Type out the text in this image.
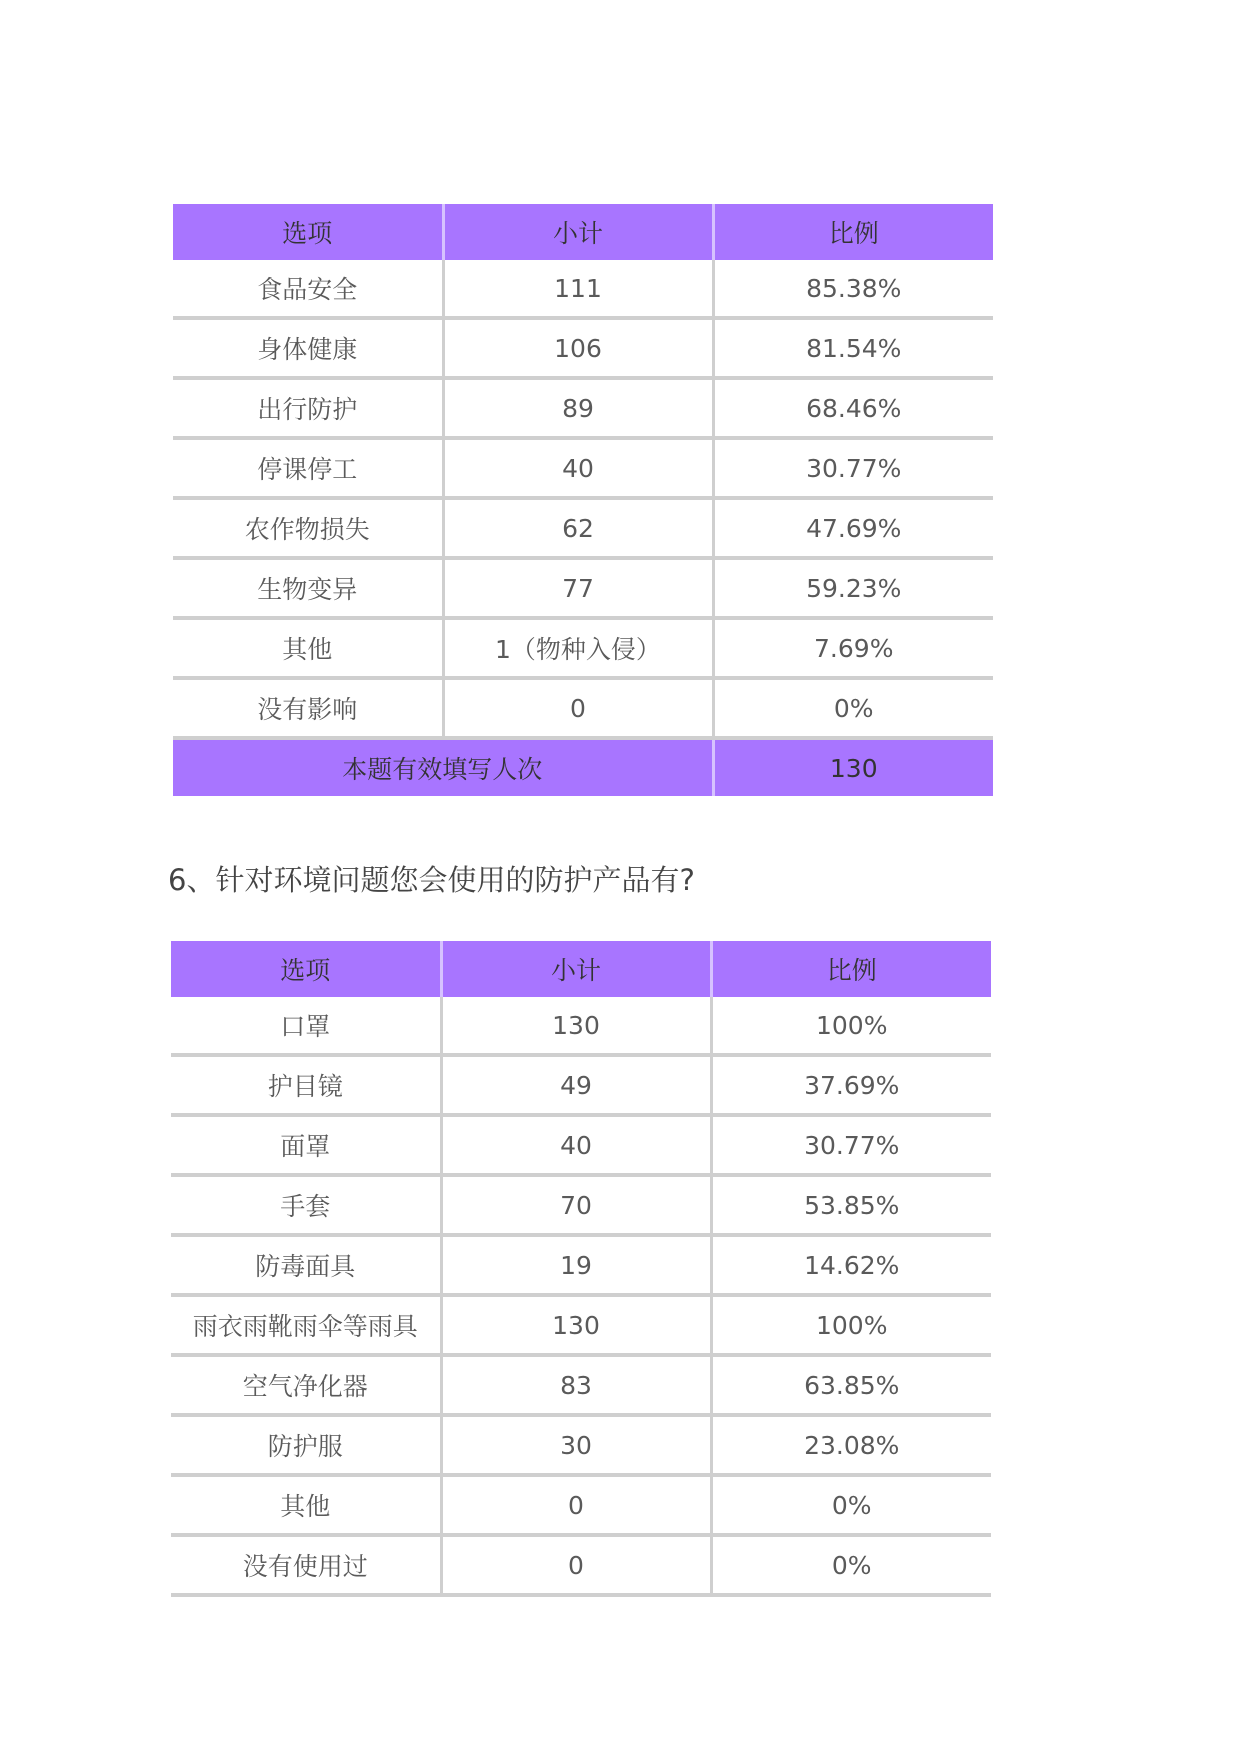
选项	小计	比例
食品安全	111	85.38%
身体健康	106	81.54%
出行防护	89	68.46%
停课停工	40	30.77%
农作物损失	62	47.69%
生物变异	77	59.23%
其他	1（物种入侵）	7.69%
没有影响	0	0%
本题有效填写人次		130
6、针对环境问题您会使用的防护产品有?
选项	小计	比例
口罩	130	100%
护目镜	49	37.69%
面罩	40	30.77%
手套	70	53.85%
防毒面具	19	14.62%
雨衣雨靴雨伞等雨具	130	100%
空气净化器	83	63.85%
防护服	30	23.08%
其他	0	0%
没有使用过	0	0%
